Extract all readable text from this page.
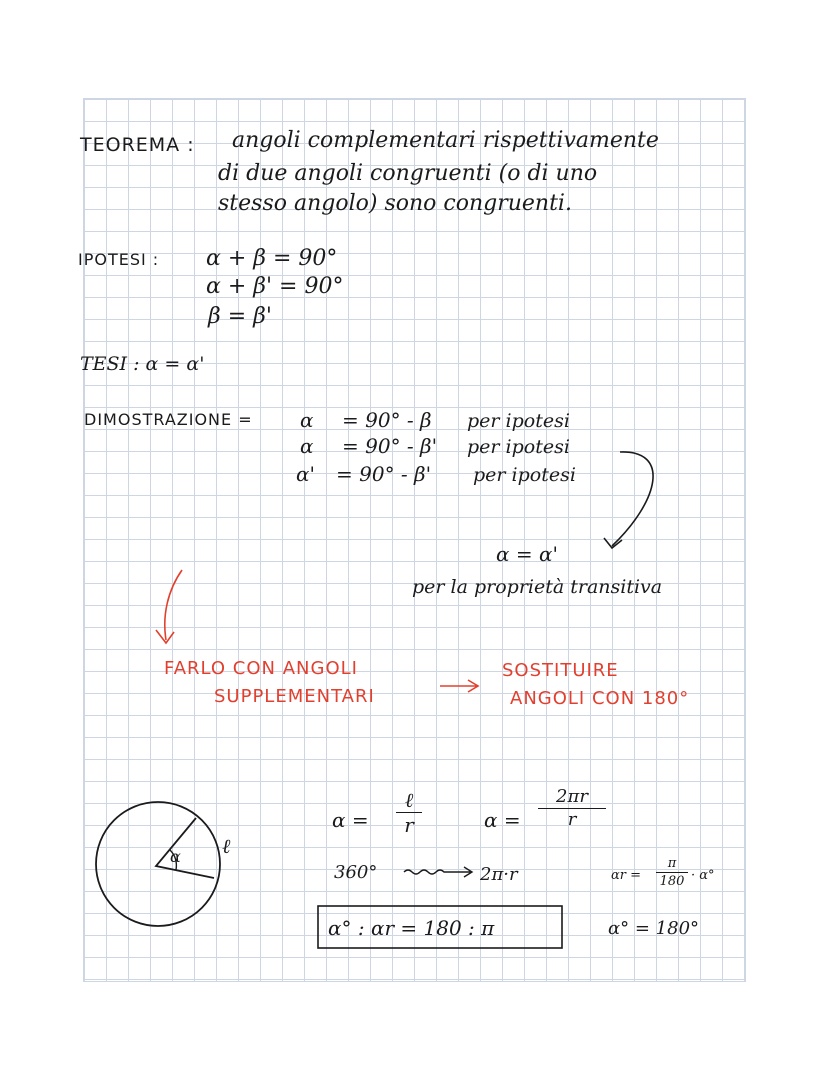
TEOREMA : angoli complementari rispettivamente
di due angoli congruenti (o di uno
stesso angolo) sono congruenti.
IPOTESI : α + β = 90°
α + β' = 90°
β = β'
TESI : α = α'
DIMOSTRAZIONE = α = 90° - β per ipotesi
α = 90° - β' per ipotesi
α' = 90° - β' per ipotesi
α = α'
per la proprietà transitiva
FARLO CON ANGOLI
SUPPLEMENTARI
SOSTITUIRE
ANGOLI CON 180°
α ℓ
α =
ℓ
r	α =
2πr
r
360°	2π·r	αr =
π
180 · α°
α° : αr = 180 : π	α° = 180°
